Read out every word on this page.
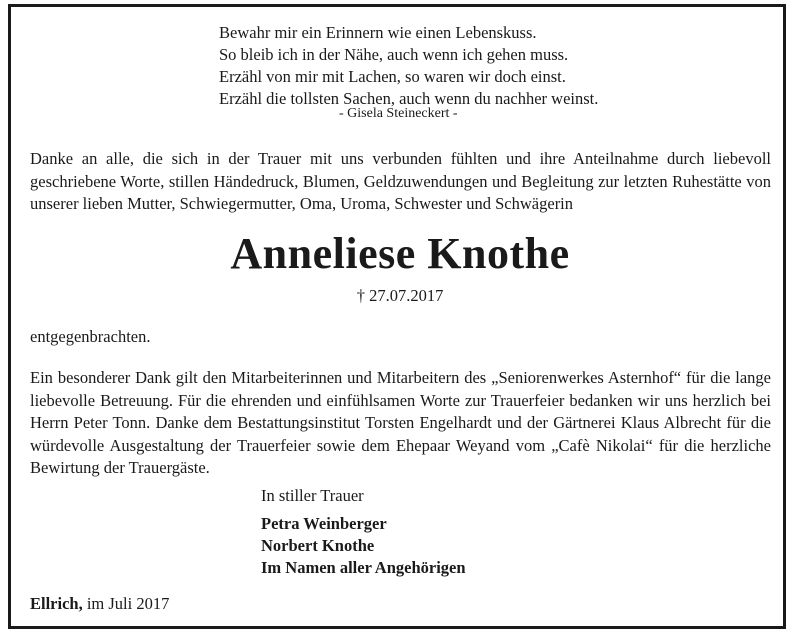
Bewahr mir ein Erinnern wie einen Lebenskuss.
So bleib ich in der Nähe, auch wenn ich gehen muss.
Erzähl von mir mit Lachen, so waren wir doch einst.
Erzähl die tollsten Sachen, auch wenn du nachher weinst.
- Gisela Steineckert -
Danke an alle, die sich in der Trauer mit uns verbunden fühlten und ihre Anteilnahme durch liebevoll geschriebene Worte, stillen Händedruck, Blumen, Geldzuwendungen und Begleitung zur letzten Ruhestätte von unserer lieben Mutter, Schwiegermutter, Oma, Uroma, Schwester und Schwägerin
Anneliese Knothe
† 27.07.2017
entgegenbrachten.
Ein besonderer Dank gilt den Mitarbeiterinnen und Mitarbeitern des „Seniorenwerkes Asternhof“ für die lange liebevolle Betreuung. Für die ehrenden und einfühlsamen Worte zur Trauerfeier bedanken wir uns herzlich bei Herrn Peter Tonn. Danke dem Bestattungsinstitut Torsten Engelhardt und der Gärtnerei Klaus Albrecht für die würdevolle Ausgestaltung der Trauerfeier sowie dem Ehepaar Weyand vom „Cafè Nikolai“ für die herzliche Bewirtung der Trauergäste.
In stiller Trauer
Petra Weinberger
Norbert Knothe
Im Namen aller Angehörigen
Ellrich, im Juli 2017
